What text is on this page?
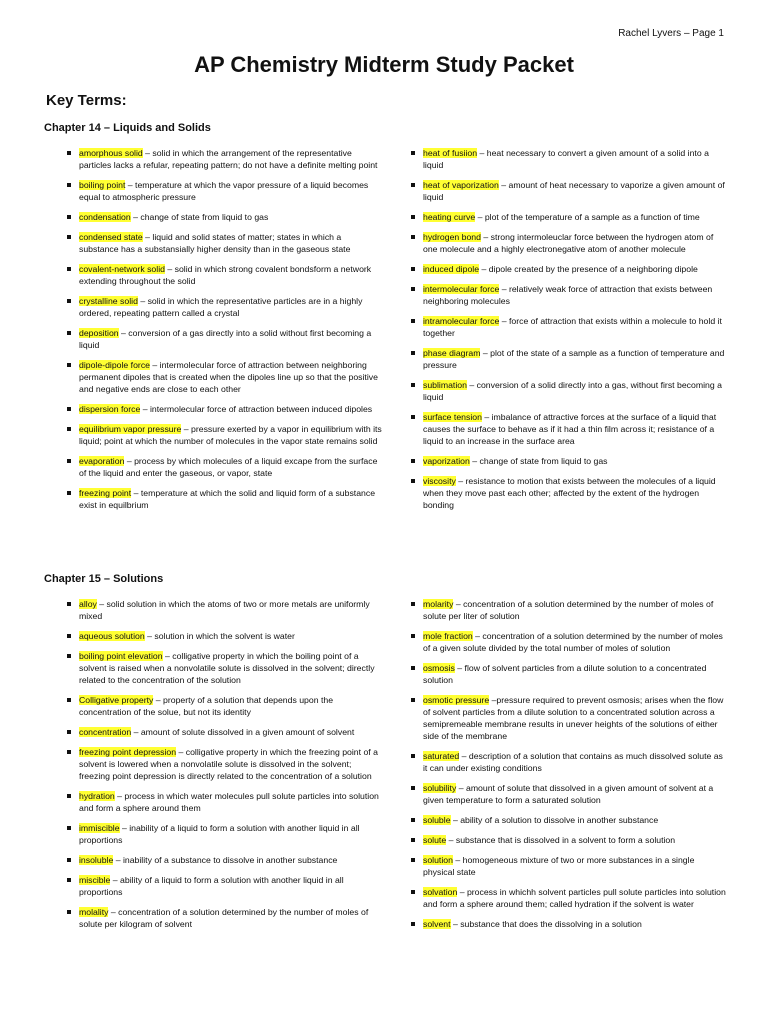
Rachel Lyvers – Page 1
AP Chemistry Midterm Study Packet
Key Terms:
Chapter 14 – Liquids and Solids
amorphous solid – solid in which the arrangement of the representative particles lacks a refular, repeating pattern; do not have a definite melting point
boiling point – temperature at which the vapor pressure of a liquid becomes equal to atmospheric pressure
condensation – change of state from liquid to gas
condensed state – liquid and solid states of matter; states in which a substance has a substansially higher density than in the gaseous state
covalent-network solid – solid in which strong covalent bondsform a network extending throughout the solid
crystalline solid – solid in which the representative particles are in a highly ordered, repeating pattern called a crystal
deposition – conversion of a gas directly into a solid without first becoming a liquid
dipole-dipole force – intermolecular force of attraction between neighboring permanent dipoles that is created when the dipoles line up so that the positive and negative ends are close to each other
dispersion force – intermolecular force of attraction between induced dipoles
equilibrium vapor pressure – pressure exerted by a vapor in equilibrium with its liquid; point at which the number of molecules in the vapor state remains solid
evaporation – process by which molecules of a liquid excape from the surface of the liquid and enter the gaseous, or vapor, state
freezing point – temperature at which the solid and liquid form of a substance exist in equilbrium
heat of fusiion – heat necessary to convert a given amount of a solid into a liquid
heat of vaporization – amount of heat necessary to vaporize a given amount of liquid
heating curve – plot of the temperature of a sample as a function of time
hydrogen bond – strong intermoleuclar force between the hydrogen atom of one molecule and a highly electronegative atom of another molecule
induced dipole – dipole created by the presence of a neighboring dipole
intermolecular force – relatively weak force of attraction that exists between neighboring molecules
intramolecular force – force of attraction that exists within a molecule to hold it together
phase diagram – plot of the state of a sample as a function of temperature and pressure
sublimation – conversion of a solid directly into a gas, without first becoming a liquid
surface tension – imbalance of attractive forces at the surface of a liquid that causes the surface to behave as if it had a thin film across it; resistance of a liquid to an increase in the surface area
vaporization – change of state from liquid to gas
viscosity – resistance to motion that exists between the molecules of a liquid when they move past each other; affected by the extent of the hydrogen bonding
Chapter 15 – Solutions
alloy – solid solution in which the atoms of two or more metals are uniformly mixed
aqueous solution – solution in which the solvent is water
boiling point elevation – colligative property in which the boiling point of a solvent is raised when a nonvolatile solute is dissolved in the solvent; directly related to the concentration of the solution
Colligative property – property of a solution that depends upon the concentration of the solue, but not its identity
concentration – amount of solute dissolved in a given amount of solvent
freezing point depression – colligative property in which the freezing point of a solvent is lowered when a nonvolatile solute is dissolved in the solvent; freezing point depression is directly related to the concentration of a solution
hydration – process in which water molecules pull solute particles into solution and form a sphere around them
immiscible – inability of a liquid to form a solution with another liquid in all proportions
insoluble – inability of a substance to dissolve in another substance
miscible – ability of a liquid to form a solution with another liquid in all proportions
molality – concentration of a solution determined by the number of moles of solute per kilogram of solvent
molarity – concentration of a solution determined by the number of moles of solute per liter of solution
mole fraction – concentration of a solution determined by the number of moles of a given solute divided by the total number of moles of solution
osmosis – flow of solvent particles from a dilute solution to a concentrated solution
osmotic pressure –pressure required to prevent osmosis; arises when the flow of solvent particles from a dilute solution to a concentrated solution across a semipremeable membrane results in unever heights of the solutions of either side of the membrane
saturated – description of a solution that contains as much dissolved solute as it can under existing conditions
solubility – amount of solute that dissolved in a given amount of solvent at a given temperature to form a saturated solution
soluble – ability of a solution to dissolve in another substance
solute – substance that is dissolved in a solvent to form a solution
solution – homogeneous mixture of two or more substances in a single physical state
solvation – process in whichh solvent particles pull solute particles into solution and form a sphere around them; called hydration if the solvent is water
solvent – substance that does the dissolving in a solution
